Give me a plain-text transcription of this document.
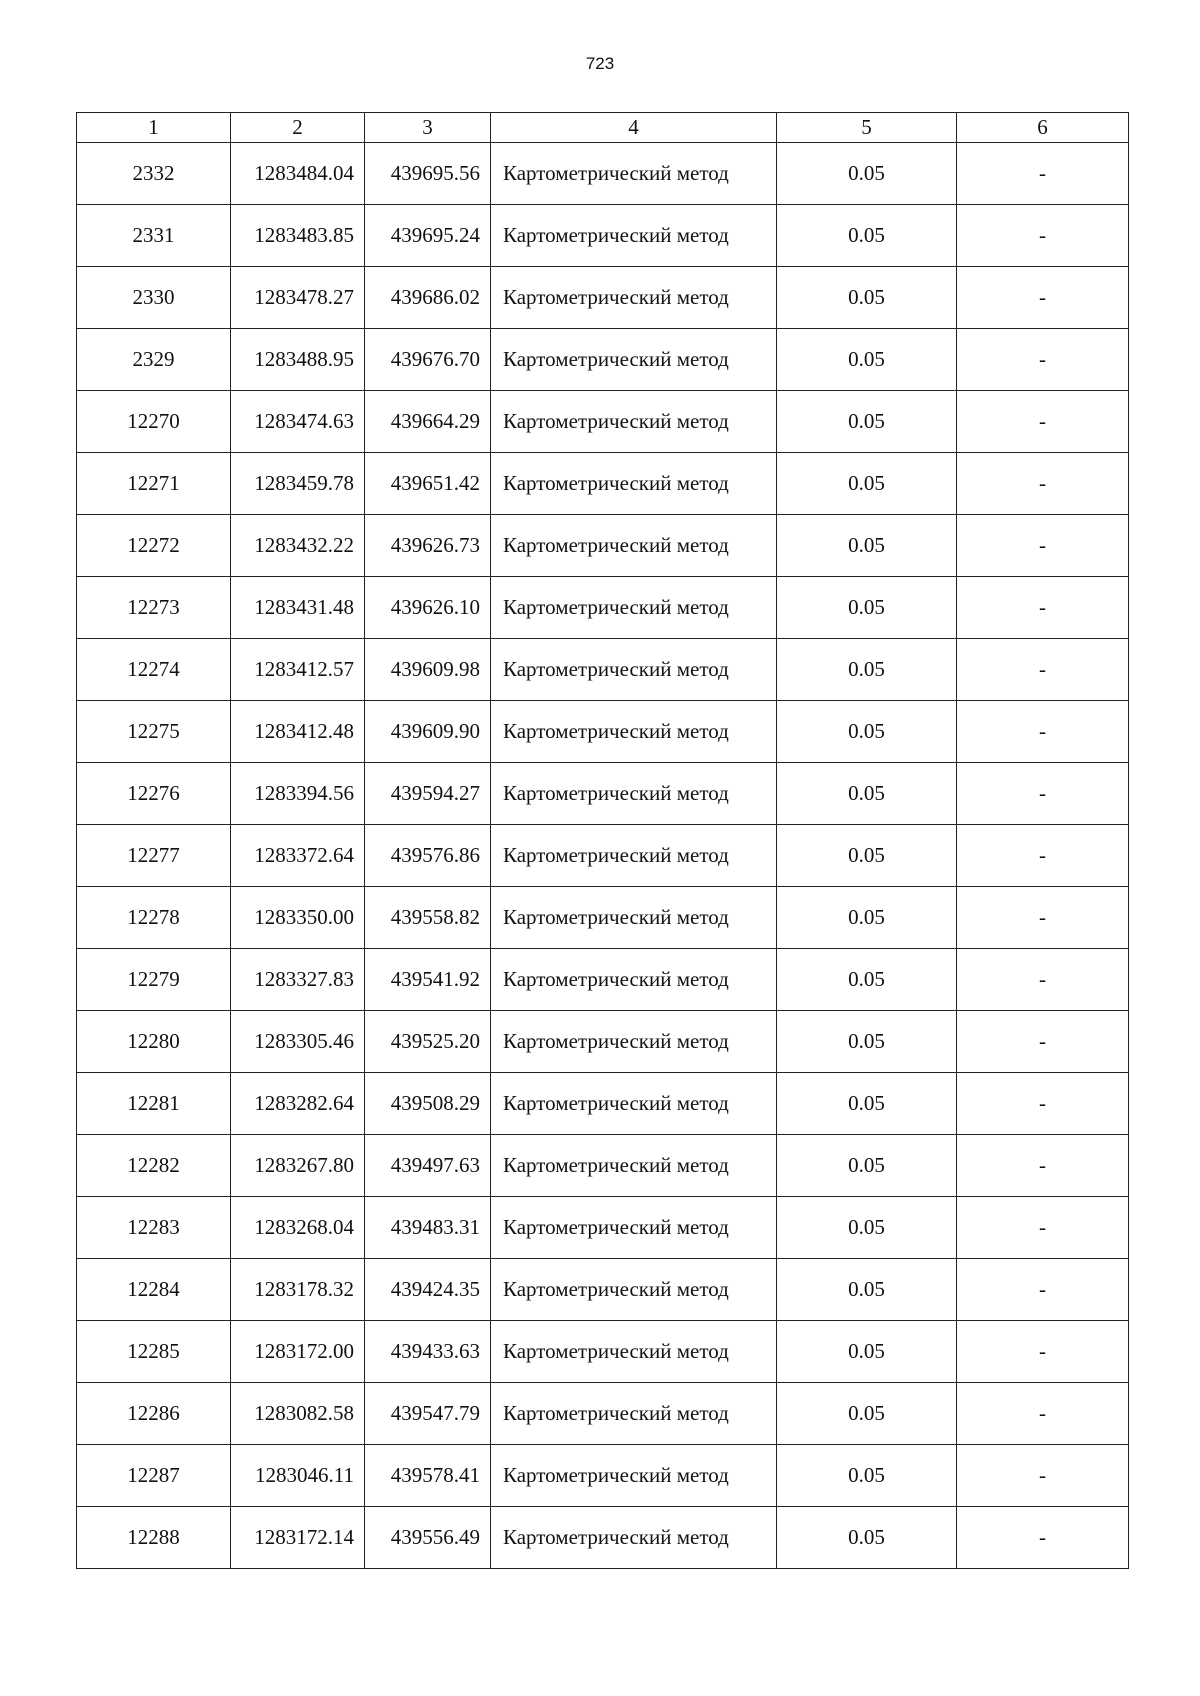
723
1	2	3	4	5	6
2332	1283484.04	439695.56	Картометрический метод	0.05	-
2331	1283483.85	439695.24	Картометрический метод	0.05	-
2330	1283478.27	439686.02	Картометрический метод	0.05	-
2329	1283488.95	439676.70	Картометрический метод	0.05	-
12270	1283474.63	439664.29	Картометрический метод	0.05	-
12271	1283459.78	439651.42	Картометрический метод	0.05	-
12272	1283432.22	439626.73	Картометрический метод	0.05	-
12273	1283431.48	439626.10	Картометрический метод	0.05	-
12274	1283412.57	439609.98	Картометрический метод	0.05	-
12275	1283412.48	439609.90	Картометрический метод	0.05	-
12276	1283394.56	439594.27	Картометрический метод	0.05	-
12277	1283372.64	439576.86	Картометрический метод	0.05	-
12278	1283350.00	439558.82	Картометрический метод	0.05	-
12279	1283327.83	439541.92	Картометрический метод	0.05	-
12280	1283305.46	439525.20	Картометрический метод	0.05	-
12281	1283282.64	439508.29	Картометрический метод	0.05	-
12282	1283267.80	439497.63	Картометрический метод	0.05	-
12283	1283268.04	439483.31	Картометрический метод	0.05	-
12284	1283178.32	439424.35	Картометрический метод	0.05	-
12285	1283172.00	439433.63	Картометрический метод	0.05	-
12286	1283082.58	439547.79	Картометрический метод	0.05	-
12287	1283046.11	439578.41	Картометрический метод	0.05	-
12288	1283172.14	439556.49	Картометрический метод	0.05	-
